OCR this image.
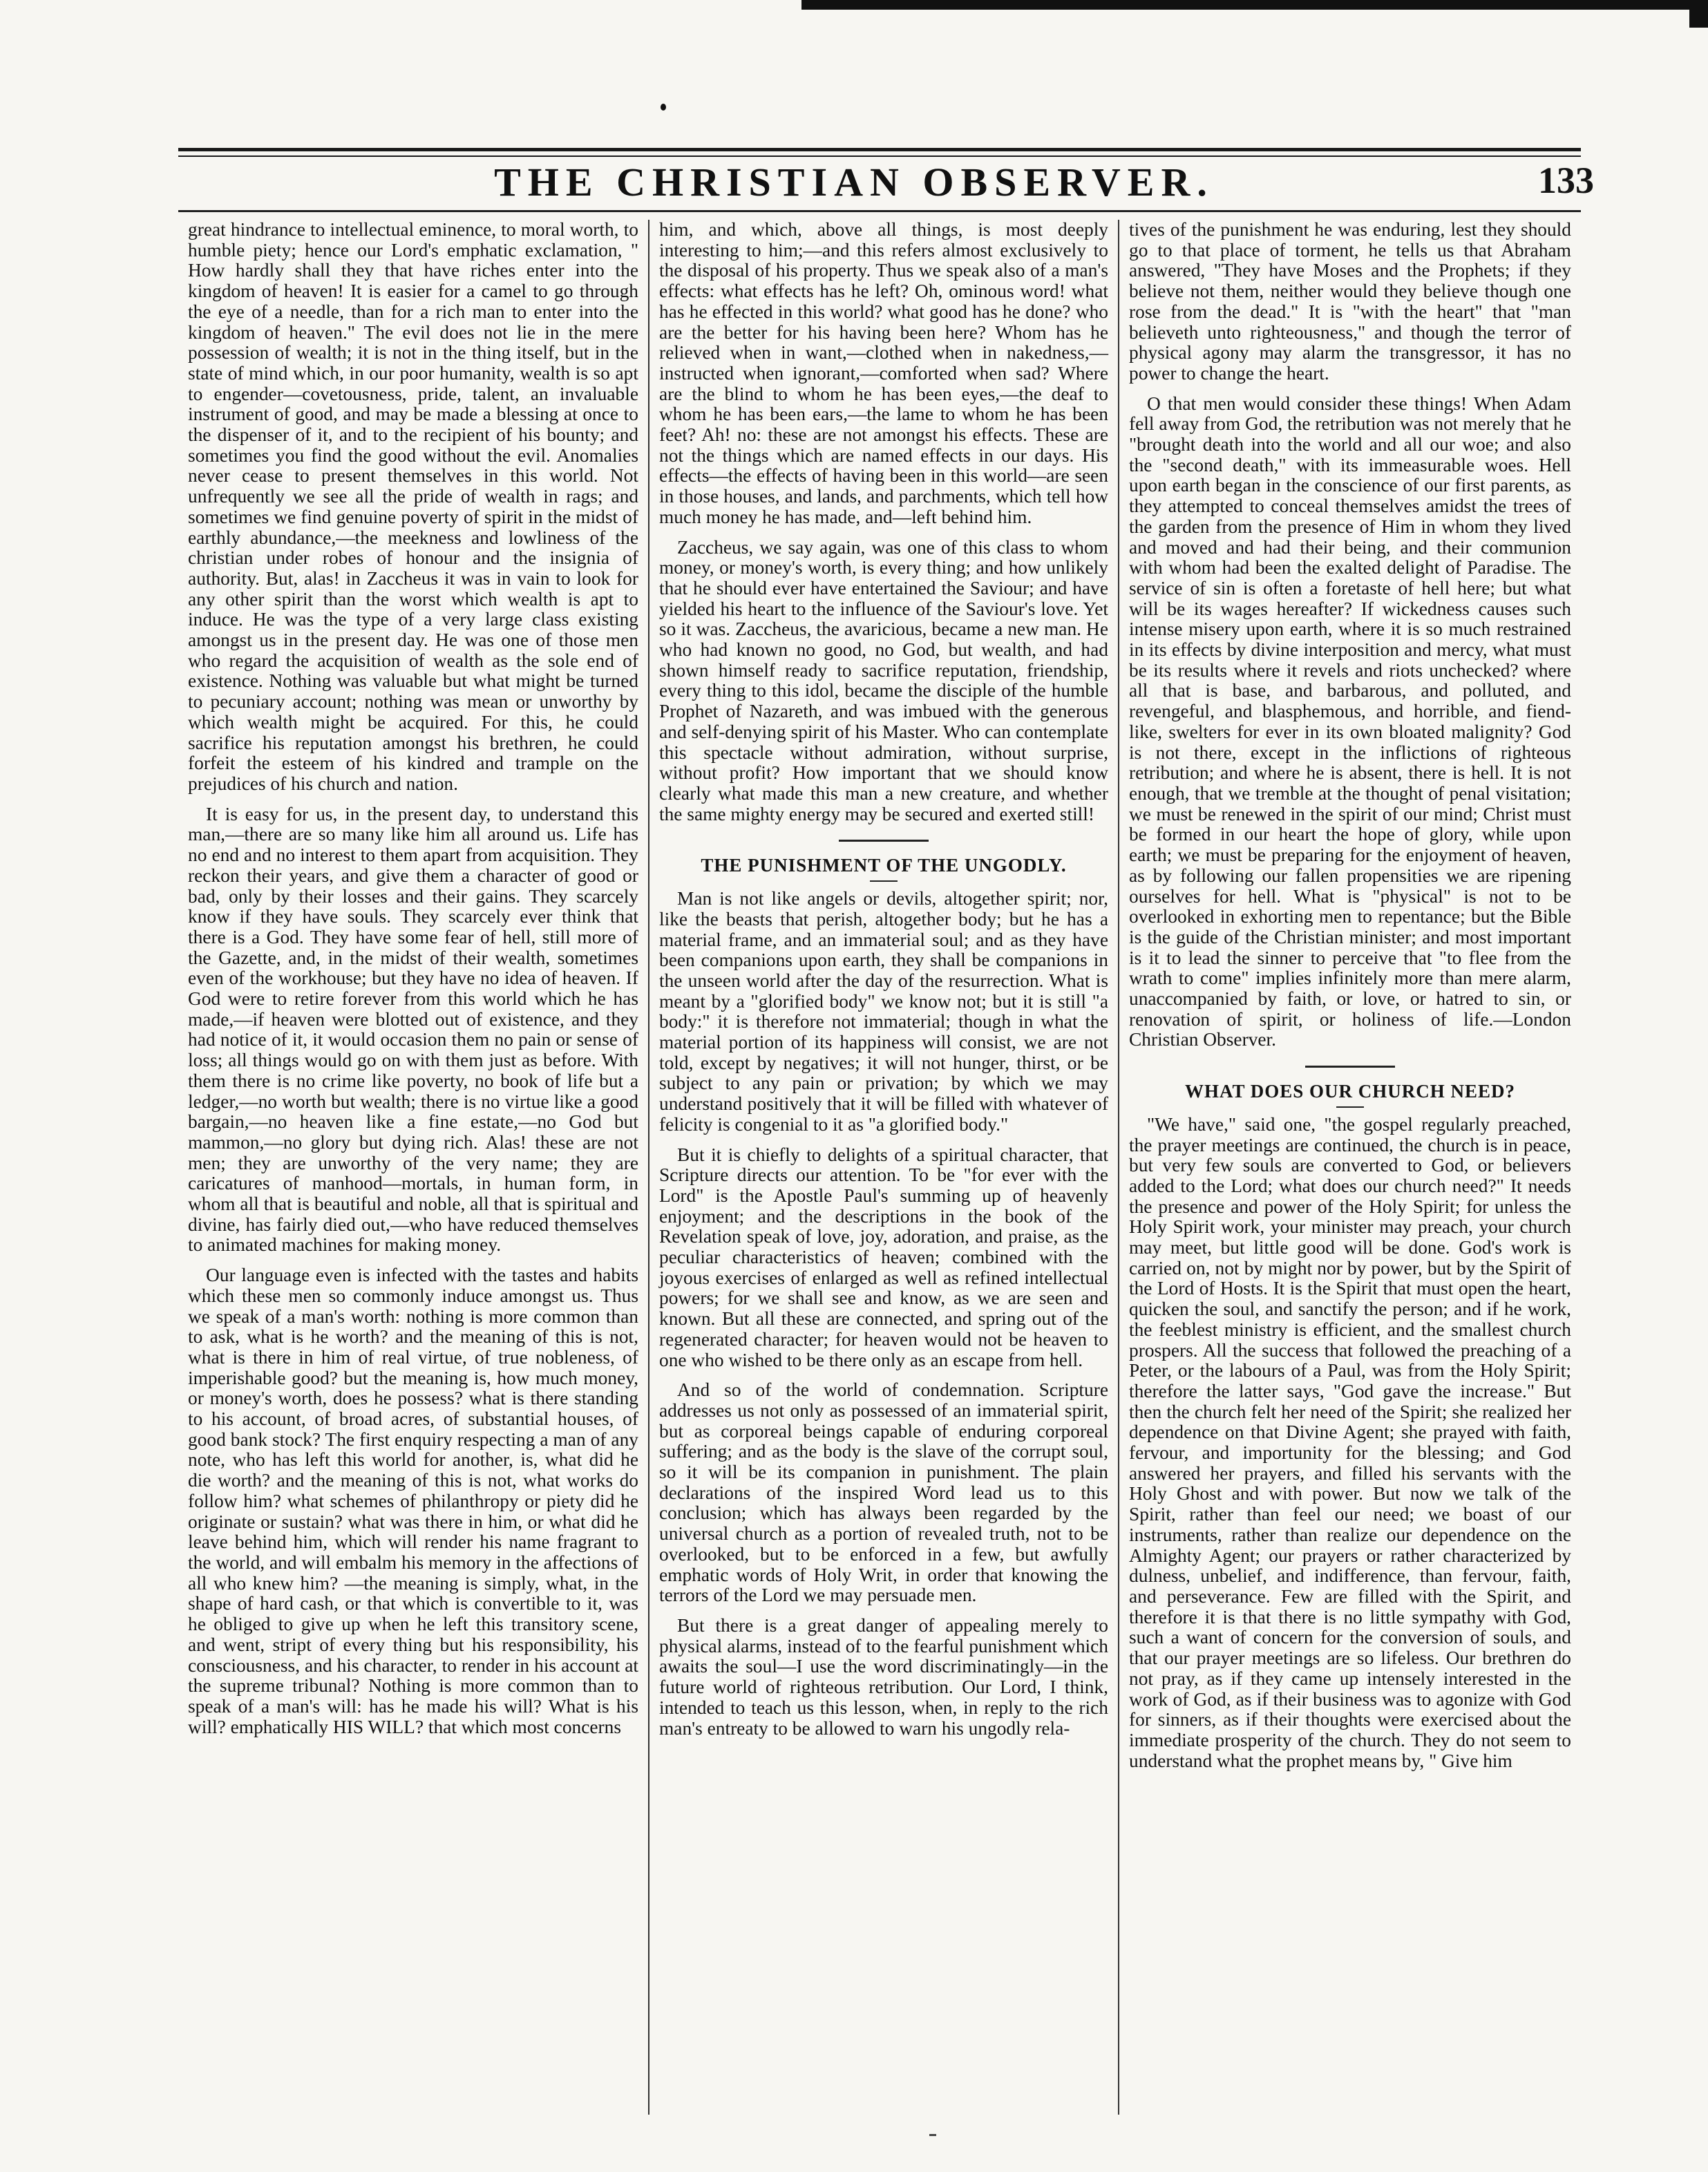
THE CHRISTIAN OBSERVER.	133

great hindrance to intellectual eminence, to moral worth, to humble piety; hence our Lord's emphatic exclamation, " How hardly shall they that have riches enter into the kingdom of heaven! It is easier for a camel to go through the eye of a needle, than for a rich man to enter into the kingdom of heaven." The evil does not lie in the mere possession of wealth; it is not in the thing itself, but in the state of mind which, in our poor humanity, wealth is so apt to engender—covetousness, pride, talent, an invaluable instrument of good, and may be made a blessing at once to the dispenser of it, and to the recipient of his bounty; and sometimes you find the good without the evil. Anomalies never cease to present themselves in this world. Not unfrequently we see all the pride of wealth in rags; and sometimes we find genuine poverty of spirit in the midst of earthly abundance,—the meekness and lowliness of the christian under robes of honour and the insignia of authority. But, alas! in Zaccheus it was in vain to look for any other spirit than the worst which wealth is apt to induce. He was the type of a very large class existing amongst us in the present day. He was one of those men who regard the acquisition of wealth as the sole end of existence. Nothing was valuable but what might be turned to pecuniary account; nothing was mean or unworthy by which wealth might be acquired. For this, he could sacrifice his reputation amongst his brethren, he could forfeit the esteem of his kindred and trample on the prejudices of his church and nation.

It is easy for us, in the present day, to understand this man,—there are so many like him all around us. Life has no end and no interest to them apart from acquisition. They reckon their years, and give them a character of good or bad, only by their losses and their gains. They scarcely know if they have souls. They scarcely ever think that there is a God. They have some fear of hell, still more of the Gazette, and, in the midst of their wealth, sometimes even of the workhouse; but they have no idea of heaven. If God were to retire forever from this world which he has made,—if heaven were blotted out of existence, and they had notice of it, it would occasion them no pain or sense of loss; all things would go on with them just as before. With them there is no crime like poverty, no book of life but a ledger,—no worth but wealth; there is no virtue like a good bargain,—no heaven like a fine estate,—no God but mammon,—no glory but dying rich. Alas! these are not men; they are unworthy of the very name; they are caricatures of manhood—mortals, in human form, in whom all that is beautiful and noble, all that is spiritual and divine, has fairly died out,—who have reduced themselves to animated machines for making money.

Our language even is infected with the tastes and habits which these men so commonly induce amongst us. Thus we speak of a man's worth: nothing is more common than to ask, what is he worth? and the meaning of this is not, what is there in him of real virtue, of true nobleness, of imperishable good? but the meaning is, how much money, or money's worth, does he possess? what is there standing to his account, of broad acres, of substantial houses, of good bank stock? The first enquiry respecting a man of any note, who has left this world for another, is, what did he die worth? and the meaning of this is not, what works do follow him? what schemes of philanthropy or piety did he originate or sustain? what was there in him, or what did he leave behind him, which will render his name fragrant to the world, and will embalm his memory in the affections of all who knew him? —the meaning is simply, what, in the shape of hard cash, or that which is convertible to it, was he obliged to give up when he left this transitory scene, and went, stript of every thing but his responsibility, his consciousness, and his character, to render in his account at the supreme tribunal? Nothing is more common than to speak of a man's will: has he made his will? What is his will? emphatically HIS WILL? that which most concerns

him, and which, above all things, is most deeply interesting to him;—and this refers almost exclusively to the disposal of his property. Thus we speak also of a man's effects: what effects has he left? Oh, ominous word! what has he effected in this world? what good has he done? who are the better for his having been here? Whom has he relieved when in want,—clothed when in nakedness,—instructed when ignorant,—comforted when sad? Where are the blind to whom he has been eyes,—the deaf to whom he has been ears,—the lame to whom he has been feet? Ah! no: these are not amongst his effects. These are not the things which are named effects in our days. His effects—the effects of having been in this world—are seen in those houses, and lands, and parchments, which tell how much money he has made, and—left behind him.

Zaccheus, we say again, was one of this class to whom money, or money's worth, is every thing; and how unlikely that he should ever have entertained the Saviour; and have yielded his heart to the influence of the Saviour's love. Yet so it was. Zaccheus, the avaricious, became a new man. He who had known no good, no God, but wealth, and had shown himself ready to sacrifice reputation, friendship, every thing to this idol, became the disciple of the humble Prophet of Nazareth, and was imbued with the generous and self-denying spirit of his Master. Who can contemplate this spectacle without admiration, without surprise, without profit? How important that we should know clearly what made this man a new creature, and whether the same mighty energy may be secured and exerted still!

THE PUNISHMENT OF THE UNGODLY.

Man is not like angels or devils, altogether spirit; nor, like the beasts that perish, altogether body; but he has a material frame, and an immaterial soul; and as they have been companions upon earth, they shall be companions in the unseen world after the day of the resurrection. What is meant by a "glorified body" we know not; but it is still "a body:" it is therefore not immaterial; though in what the material portion of its happiness will consist, we are not told, except by negatives; it will not hunger, thirst, or be subject to any pain or privation; by which we may understand positively that it will be filled with whatever of felicity is congenial to it as "a glorified body."

But it is chiefly to delights of a spiritual character, that Scripture directs our attention. To be "for ever with the Lord" is the Apostle Paul's summing up of heavenly enjoyment; and the descriptions in the book of the Revelation speak of love, joy, adoration, and praise, as the peculiar characteristics of heaven; combined with the joyous exercises of enlarged as well as refined intellectual powers; for we shall see and know, as we are seen and known. But all these are connected, and spring out of the regenerated character; for heaven would not be heaven to one who wished to be there only as an escape from hell.

And so of the world of condemnation. Scripture addresses us not only as possessed of an immaterial spirit, but as corporeal beings capable of enduring corporeal suffering; and as the body is the slave of the corrupt soul, so it will be its companion in punishment. The plain declarations of the inspired Word lead us to this conclusion; which has always been regarded by the universal church as a portion of revealed truth, not to be overlooked, but to be enforced in a few, but awfully emphatic words of Holy Writ, in order that knowing the terrors of the Lord we may persuade men.

But there is a great danger of appealing merely to physical alarms, instead of to the fearful punishment which awaits the soul—I use the word discriminatingly—in the future world of righteous retribution. Our Lord, I think, intended to teach us this lesson, when, in reply to the rich man's entreaty to be allowed to warn his ungodly rela-

tives of the punishment he was enduring, lest they should go to that place of torment, he tells us that Abraham answered, "They have Moses and the Prophets; if they believe not them, neither would they believe though one rose from the dead." It is "with the heart" that "man believeth unto righteousness," and though the terror of physical agony may alarm the transgressor, it has no power to change the heart.

O that men would consider these things! When Adam fell away from God, the retribution was not merely that he "brought death into the world and all our woe; and also the "second death," with its immeasurable woes. Hell upon earth began in the conscience of our first parents, as they attempted to conceal themselves amidst the trees of the garden from the presence of Him in whom they lived and moved and had their being, and their communion with whom had been the exalted delight of Paradise. The service of sin is often a foretaste of hell here; but what will be its wages hereafter? If wickedness causes such intense misery upon earth, where it is so much restrained in its effects by divine interposition and mercy, what must be its results where it revels and riots unchecked? where all that is base, and barbarous, and polluted, and revengeful, and blasphemous, and horrible, and fiend-like, swelters for ever in its own bloated malignity? God is not there, except in the inflictions of righteous retribution; and where he is absent, there is hell. It is not enough, that we tremble at the thought of penal visitation; we must be renewed in the spirit of our mind; Christ must be formed in our heart the hope of glory, while upon earth; we must be preparing for the enjoyment of heaven, as by following our fallen propensities we are ripening ourselves for hell. What is "physical" is not to be overlooked in exhorting men to repentance; but the Bible is the guide of the Christian minister; and most important is it to lead the sinner to perceive that "to flee from the wrath to come" implies infinitely more than mere alarm, unaccompanied by faith, or love, or hatred to sin, or renovation of spirit, or holiness of life.—London Christian Observer.

WHAT DOES OUR CHURCH NEED?

"We have," said one, "the gospel regularly preached, the prayer meetings are continued, the church is in peace, but very few souls are converted to God, or believers added to the Lord; what does our church need?" It needs the presence and power of the Holy Spirit; for unless the Holy Spirit work, your minister may preach, your church may meet, but little good will be done. God's work is carried on, not by might nor by power, but by the Spirit of the Lord of Hosts. It is the Spirit that must open the heart, quicken the soul, and sanctify the person; and if he work, the feeblest ministry is efficient, and the smallest church prospers. All the success that followed the preaching of a Peter, or the labours of a Paul, was from the Holy Spirit; therefore the latter says, "God gave the increase." But then the church felt her need of the Spirit; she realized her dependence on that Divine Agent; she prayed with faith, fervour, and importunity for the blessing; and God answered her prayers, and filled his servants with the Holy Ghost and with power. But now we talk of the Spirit, rather than feel our need; we boast of our instruments, rather than realize our dependence on the Almighty Agent; our prayers or rather characterized by dulness, unbelief, and indifference, than fervour, faith, and perseverance. Few are filled with the Spirit, and therefore it is that there is no little sympathy with God, such a want of concern for the conversion of souls, and that our prayer meetings are so lifeless. Our brethren do not pray, as if they came up intensely interested in the work of God, as if their business was to agonize with God for sinners, as if their thoughts were exercised about the immediate prosperity of the church. They do not seem to understand what the prophet means by, " Give him
